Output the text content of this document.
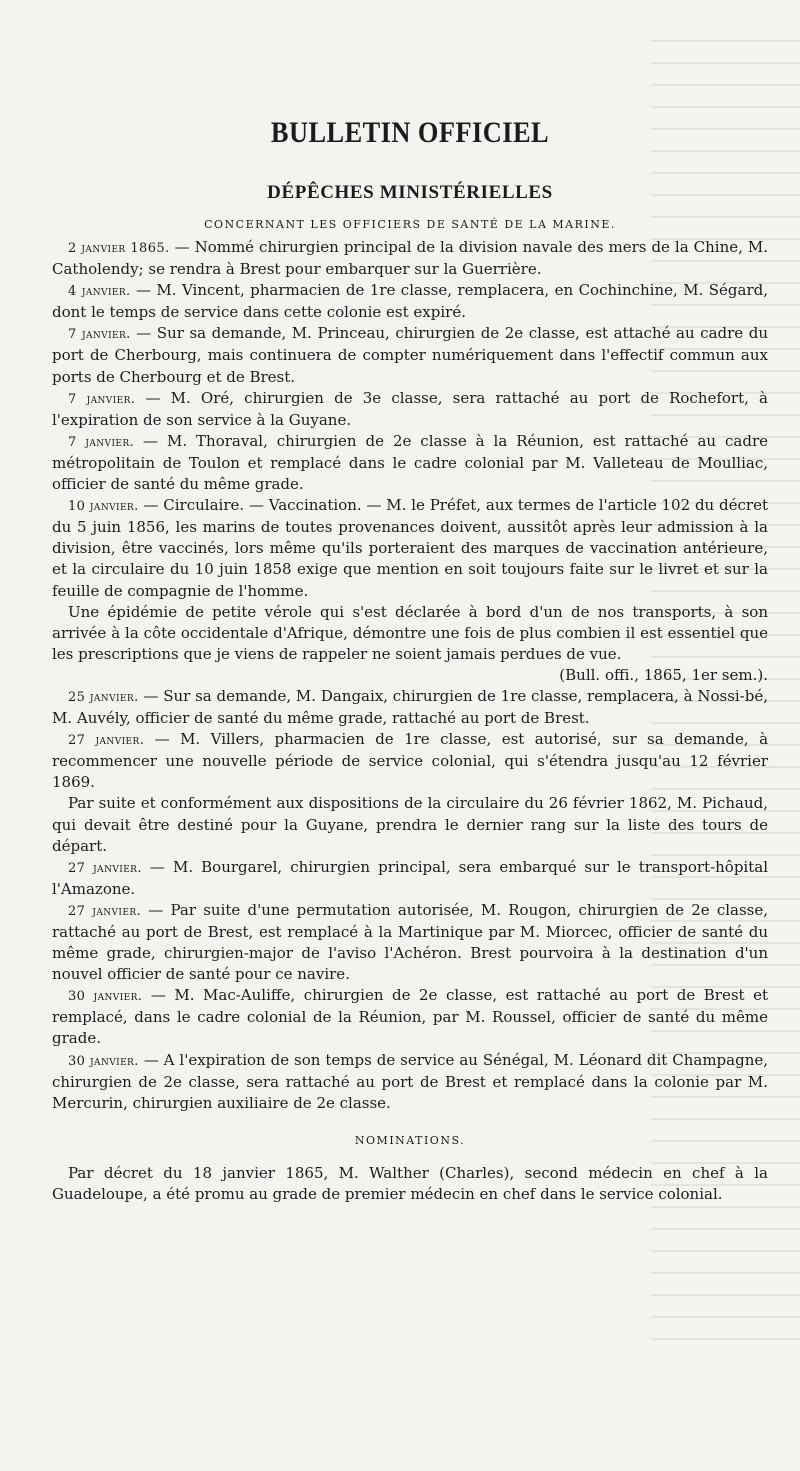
BULLETIN OFFICIEL
DÉPÊCHES MINISTÉRIELLES
CONCERNANT LES OFFICIERS DE SANTÉ DE LA MARINE.

2 janvier 1865. — Nommé chirurgien principal de la division navale des mers de la Chine, M. Catholendy; se rendra à Brest pour embarquer sur la Guerrière.

4 janvier. — M. Vincent, pharmacien de 1re classe, remplacera, en Cochinchine, M. Ségard, dont le temps de service dans cette colonie est expiré.

7 janvier. — Sur sa demande, M. Princeau, chirurgien de 2e classe, est attaché au cadre du port de Cherbourg, mais continuera de compter numériquement dans l'effectif commun aux ports de Cherbourg et de Brest.

7 janvier. — M. Oré, chirurgien de 3e classe, sera rattaché au port de Rochefort, à l'expiration de son service à la Guyane.

7 janvier. — M. Thoraval, chirurgien de 2e classe à la Réunion, est rattaché au cadre métropolitain de Toulon et remplacé dans le cadre colonial par M. Valleteau de Moulliac, officier de santé du même grade.

10 janvier. — Circulaire. — Vaccination. — M. le Préfet, aux termes de l'article 102 du décret du 5 juin 1856, les marins de toutes provenances doivent, aussitôt après leur admission à la division, être vaccinés, lors même qu'ils porteraient des marques de vaccination antérieure, et la circulaire du 10 juin 1858 exige que mention en soit toujours faite sur le livret et sur la feuille de compagnie de l'homme.

Une épidémie de petite vérole qui s'est déclarée à bord d'un de nos transports, à son arrivée à la côte occidentale d'Afrique, démontre une fois de plus combien il est essentiel que les prescriptions que je viens de rappeler ne soient jamais perdues de vue.
(Bull. offi., 1865, 1er sem.).

25 janvier. — Sur sa demande, M. Dangaix, chirurgien de 1re classe, remplacera, à Nossi-bé, M. Auvély, officier de santé du même grade, rattaché au port de Brest.

27 janvier. — M. Villers, pharmacien de 1re classe, est autorisé, sur sa demande, à recommencer une nouvelle période de service colonial, qui s'étendra jusqu'au 12 février 1869.

Par suite et conformément aux dispositions de la circulaire du 26 février 1862, M. Pichaud, qui devait être destiné pour la Guyane, prendra le dernier rang sur la liste des tours de départ.

27 janvier. — M. Bourgarel, chirurgien principal, sera embarqué sur le transport-hôpital l'Amazone.

27 janvier. — Par suite d'une permutation autorisée, M. Rougon, chirurgien de 2e classe, rattaché au port de Brest, est remplacé à la Martinique par M. Miorcec, officier de santé du même grade, chirurgien-major de l'aviso l'Achéron. Brest pourvoira à la destination d'un nouvel officier de santé pour ce navire.

30 janvier. — M. Mac-Auliffe, chirurgien de 2e classe, est rattaché au port de Brest et remplacé, dans le cadre colonial de la Réunion, par M. Roussel, officier de santé du même grade.

30 janvier. — A l'expiration de son temps de service au Sénégal, M. Léonard dit Champagne, chirurgien de 2e classe, sera rattaché au port de Brest et remplacé dans la colonie par M. Mercurin, chirurgien auxiliaire de 2e classe.

NOMINATIONS.

Par décret du 18 janvier 1865, M. Walther (Charles), second médecin en chef à la Guadeloupe, a été promu au grade de premier médecin en chef dans le service colonial.
